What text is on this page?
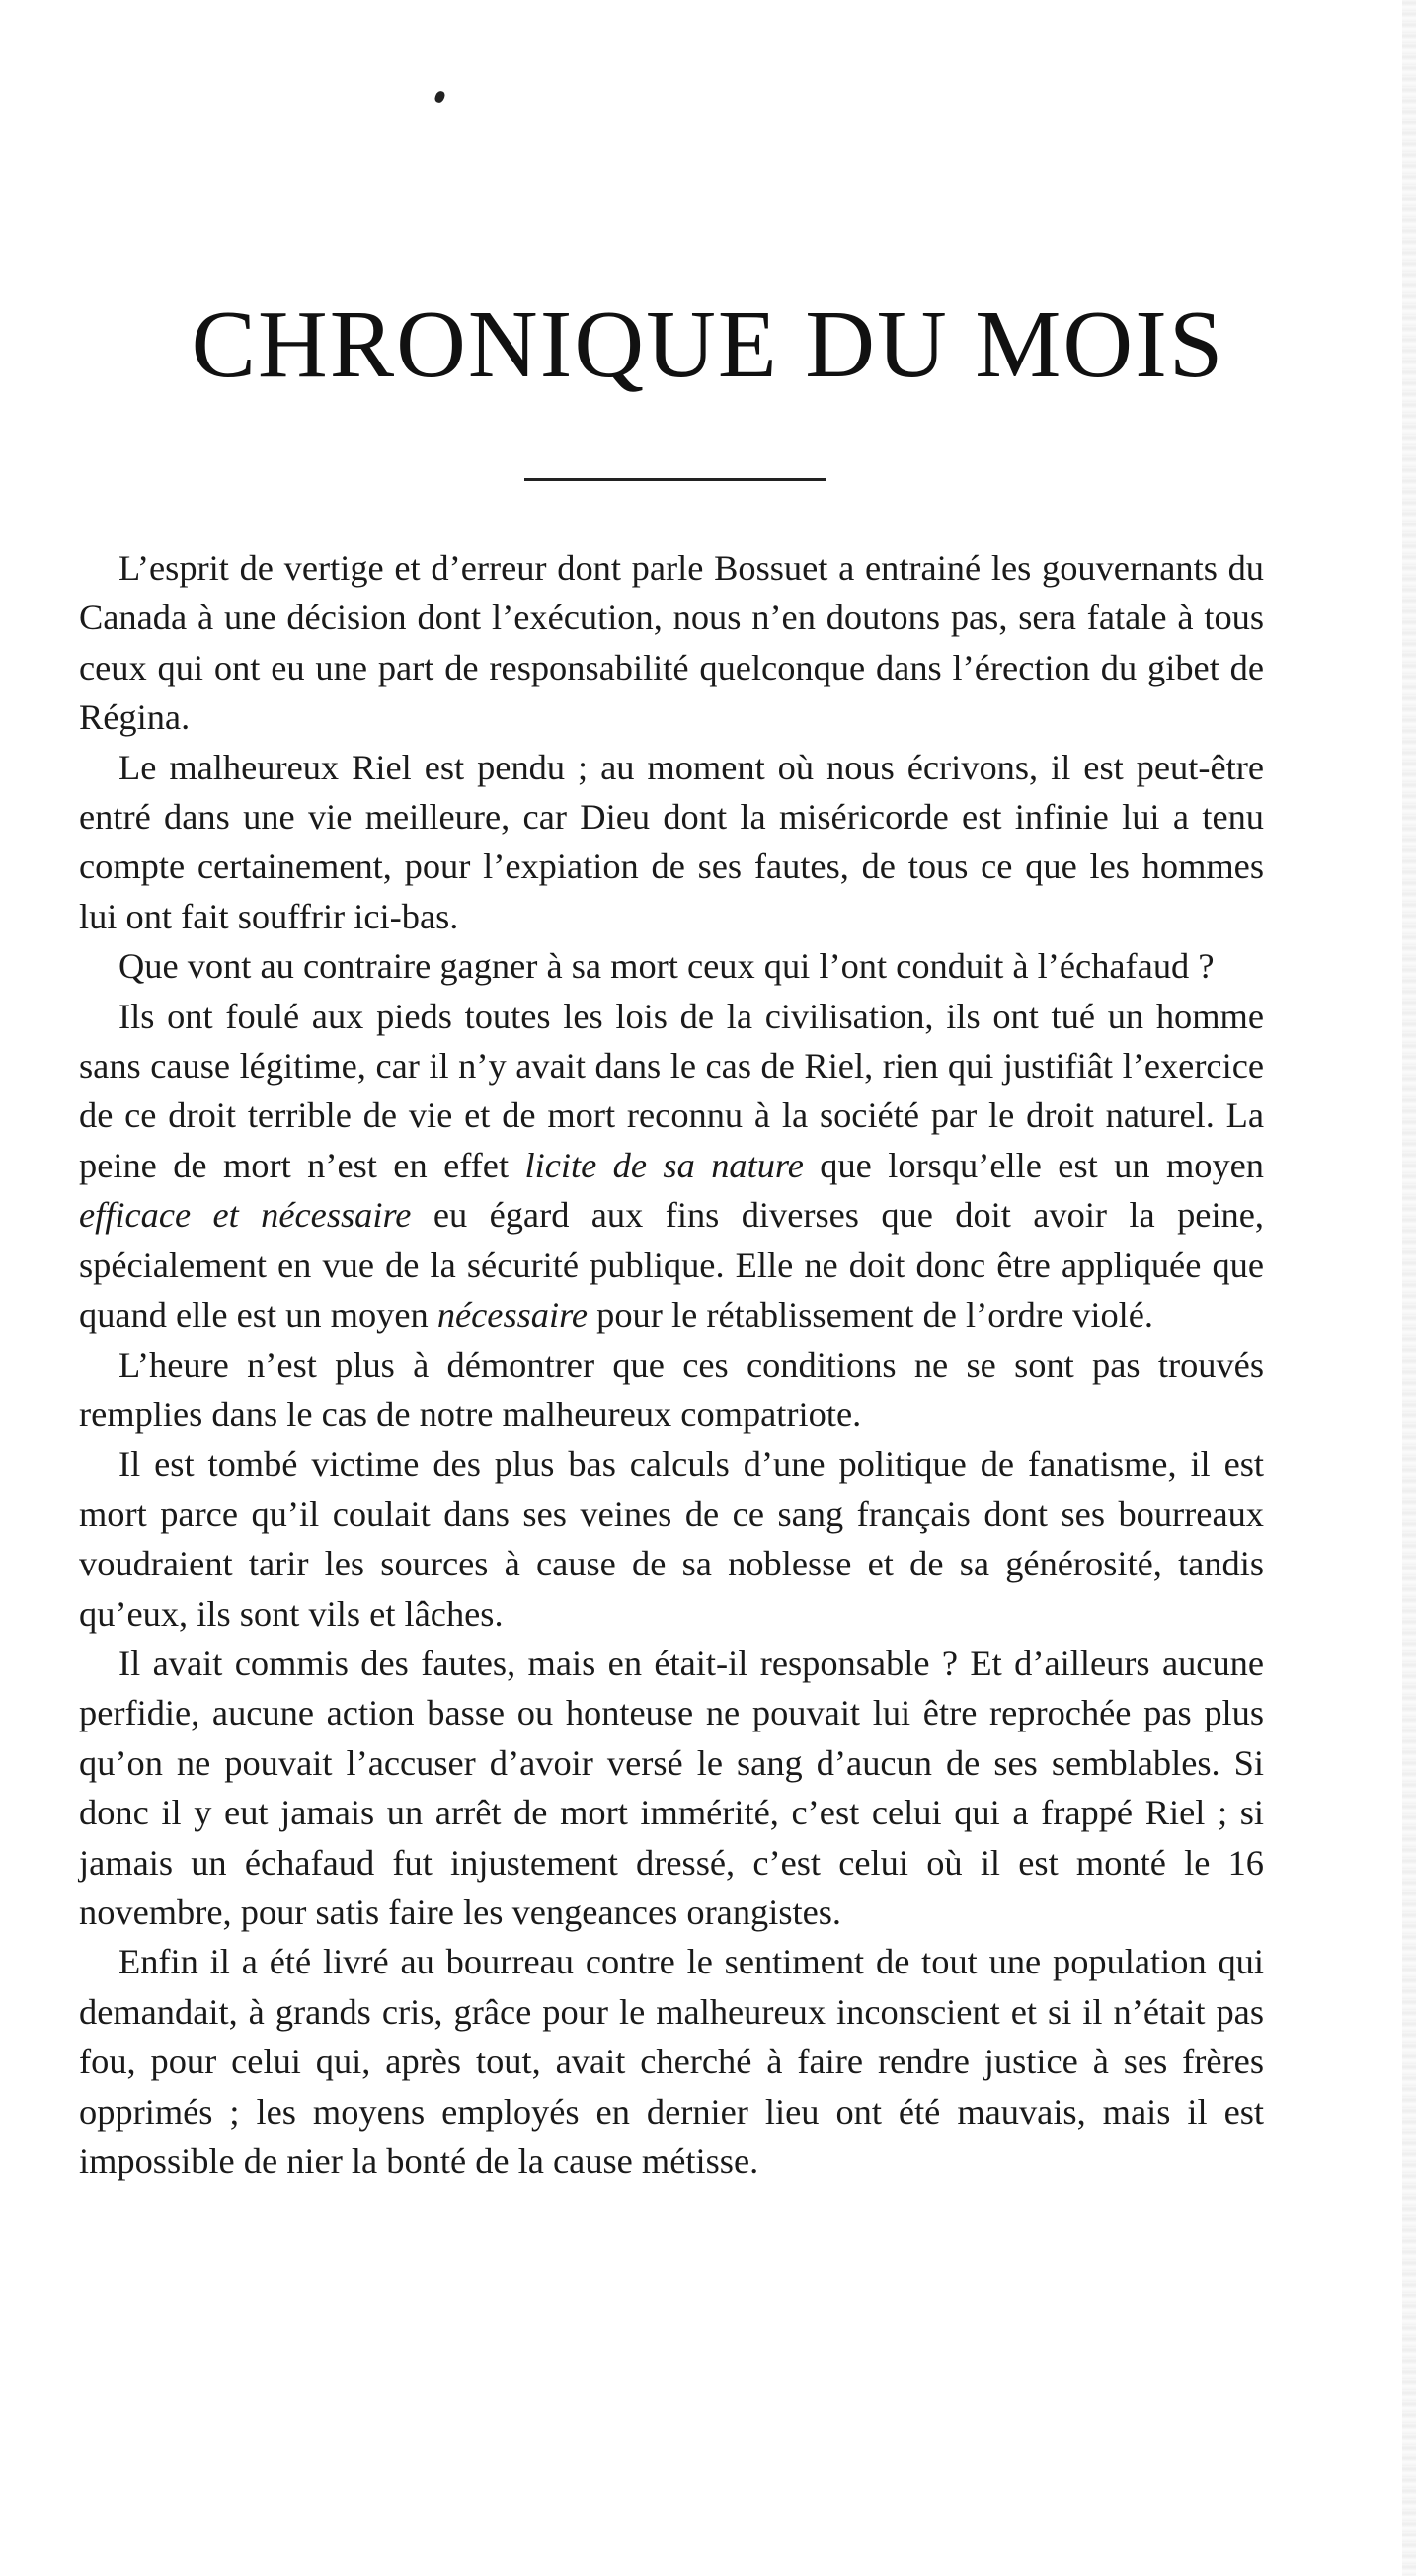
CHRONIQUE DU MOIS

L’esprit de vertige et d’erreur dont parle Bossuet a entrainé les gouvernants du Canada à une décision dont l’exécution, nous n’en doutons pas, sera fatale à tous ceux qui ont eu une part de responsabilité quelconque dans l’érection du gibet de Régina.

Le malheureux Riel est pendu ; au moment où nous écrivons, il est peut-être entré dans une vie meilleure, car Dieu dont la miséricorde est infinie lui a tenu compte certainement, pour l’expiation de ses fautes, de tous ce que les hommes lui ont fait souffrir ici-bas.

Que vont au contraire gagner à sa mort ceux qui l’ont conduit à l’échafaud ?

Ils ont foulé aux pieds toutes les lois de la civilisation, ils ont tué un homme sans cause légitime, car il n’y avait dans le cas de Riel, rien qui justifiât l’exercice de ce droit terrible de vie et de mort reconnu à la société par le droit naturel. La peine de mort n’est en effet licite de sa nature que lorsqu’elle est un moyen efficace et nécessaire eu égard aux fins diverses que doit avoir la peine, spécialement en vue de la sécurité publique. Elle ne doit donc être appliquée que quand elle est un moyen nécessaire pour le rétablissement de l’ordre violé.

L’heure n’est plus à démontrer que ces conditions ne se sont pas trouvés remplies dans le cas de notre malheureux compatriote.

Il est tombé victime des plus bas calculs d’une politique de fanatisme, il est mort parce qu’il coulait dans ses veines de ce sang français dont ses bourreaux voudraient tarir les sources à cause de sa noblesse et de sa générosité, tandis qu’eux, ils sont vils et lâches.

Il avait commis des fautes, mais en était-il responsable ? Et d’ailleurs aucune perfidie, aucune action basse ou honteuse ne pouvait lui être reprochée pas plus qu’on ne pouvait l’accuser d’avoir versé le sang d’aucun de ses semblables. Si donc il y eut jamais un arrêt de mort immérité, c’est celui qui a frappé Riel ; si jamais un échafaud fut injustement dressé, c’est celui où il est monté le 16 novembre, pour satis faire les vengeances orangistes.

Enfin il a été livré au bourreau contre le sentiment de tout une population qui demandait, à grands cris, grâce pour le malheureux inconscient et si il n’était pas fou, pour celui qui, après tout, avait cherché à faire rendre justice à ses frères opprimés ; les moyens employés en dernier lieu ont été mauvais, mais il est impossible de nier la bonté de la cause métisse.
